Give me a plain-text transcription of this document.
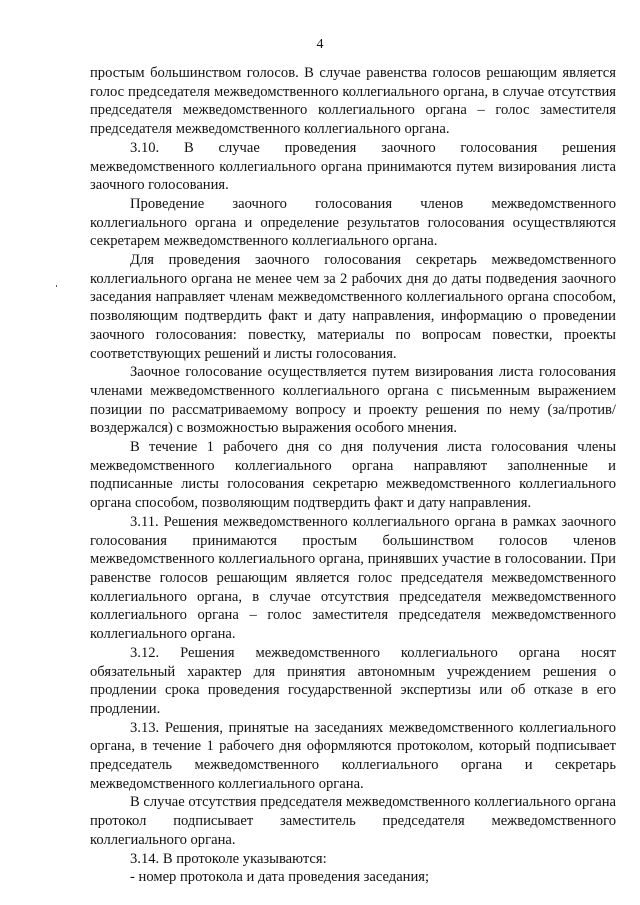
4

простым большинством голосов. В случае равенства голосов решающим является голос председателя межведомственного коллегиального органа, в случае отсутствия председателя межведомственного коллегиального органа – голос заместителя председателя межведомственного коллегиального органа.

3.10. В случае проведения заочного голосования решения межведомственного коллегиального органа принимаются путем визирования листа заочного голосования.

Проведение заочного голосования членов межведомственного коллегиального органа и определение результатов голосования осуществляются секретарем межведомственного коллегиального органа.

Для проведения заочного голосования секретарь межведомственного коллегиального органа не менее чем за 2 рабочих дня до даты подведения заочного заседания направляет членам межведомственного коллегиального органа способом, позволяющим подтвердить факт и дату направления, информацию о проведении заочного голосования: повестку, материалы по вопросам повестки, проекты соответствующих решений и листы голосования.

Заочное голосование осуществляется путем визирования листа голосования членами межведомственного коллегиального органа с письменным выражением позиции по рассматриваемому вопросу и проекту решения по нему (за/против/воздержался) с возможностью выражения особого мнения.

В течение 1 рабочего дня со дня получения листа голосования члены межведомственного коллегиального органа направляют заполненные и подписанные листы голосования секретарю межведомственного коллегиального органа способом, позволяющим подтвердить факт и дату направления.

3.11. Решения межведомственного коллегиального органа в рамках заочного голосования принимаются простым большинством голосов членов межведомственного коллегиального органа, принявших участие в голосовании. При равенстве голосов решающим является голос председателя межведомственного коллегиального органа, в случае отсутствия председателя межведомственного коллегиального органа – голос заместителя председателя межведомственного коллегиального органа.

3.12. Решения межведомственного коллегиального органа носят обязательный характер для принятия автономным учреждением решения о продлении срока проведения государственной экспертизы или об отказе в его продлении.

3.13. Решения, принятые на заседаниях межведомственного коллегиального органа, в течение 1 рабочего дня оформляются протоколом, который подписывает председатель межведомственного коллегиального органа и секретарь межведомственного коллегиального органа.

В случае отсутствия председателя межведомственного коллегиального органа протокол подписывает заместитель председателя межведомственного коллегиального органа.

3.14. В протоколе указываются:

- номер протокола и дата проведения заседания;
